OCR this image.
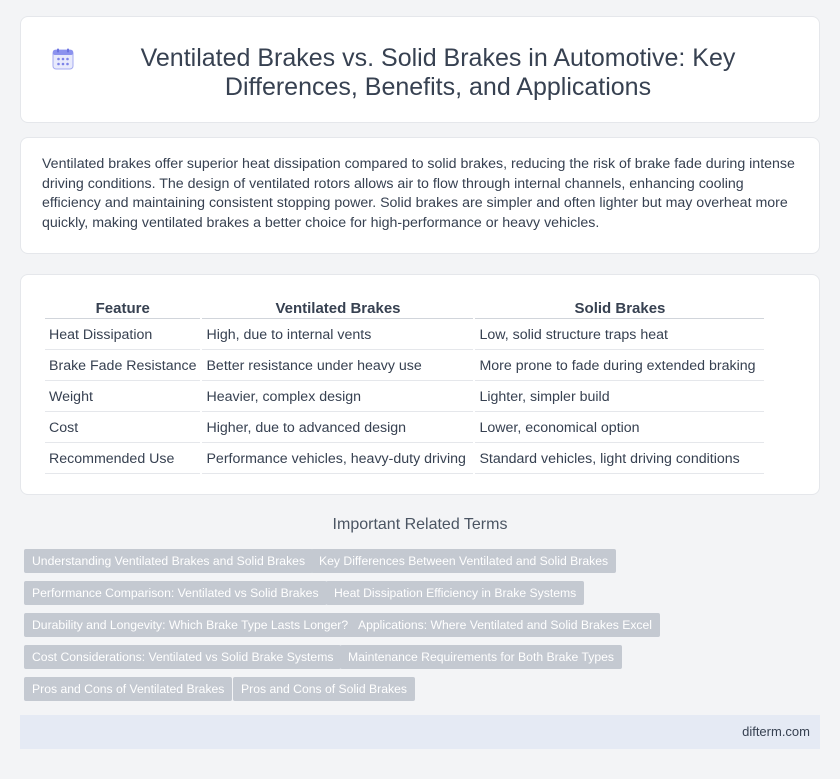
Ventilated Brakes vs. Solid Brakes in Automotive: Key Differences, Benefits, and Applications

Ventilated brakes offer superior heat dissipation compared to solid brakes, reducing the risk of brake fade during intense driving conditions. The design of ventilated rotors allows air to flow through internal channels, enhancing cooling efficiency and maintaining consistent stopping power. Solid brakes are simpler and often lighter but may overheat more quickly, making ventilated brakes a better choice for high-performance or heavy vehicles.

Feature	Ventilated Brakes	Solid Brakes
Heat Dissipation	High, due to internal vents	Low, solid structure traps heat
Brake Fade Resistance	Better resistance under heavy use	More prone to fade during extended braking
Weight	Heavier, complex design	Lighter, simpler build
Cost	Higher, due to advanced design	Lower, economical option
Recommended Use	Performance vehicles, heavy-duty driving	Standard vehicles, light driving conditions
Important Related Terms
Understanding Ventilated Brakes and Solid Brakes	Key Differences Between Ventilated and Solid Brakes
Performance Comparison: Ventilated vs Solid Brakes	Heat Dissipation Efficiency in Brake Systems
Durability and Longevity: Which Brake Type Lasts Longer? Applications: Where Ventilated and Solid Brakes Excel
Cost Considerations: Ventilated vs Solid Brake Systems	Maintenance Requirements for Both Brake Types
Pros and Cons of Ventilated Brakes	Pros and Cons of Solid Brakes
difterm.com
